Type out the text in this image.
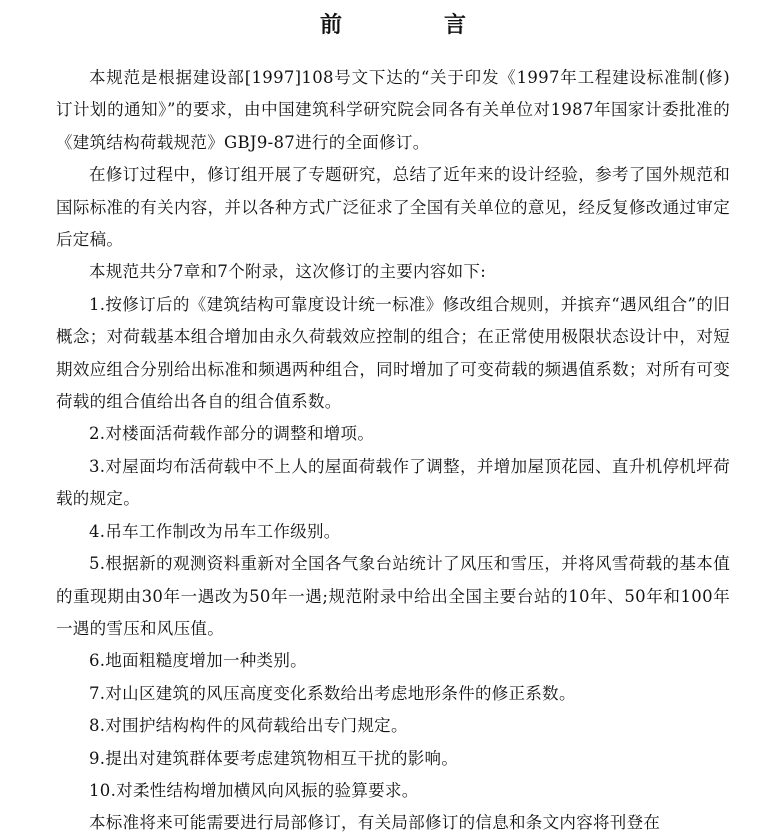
前　言

本规范是根据建设部[1997]108号文下达的“关于印发《1997年工程建设标准制(修)订计划的通知》”的要求，由中国建筑科学研究院会同各有关单位对1987年国家计委批准的《建筑结构荷载规范》GBJ9-87进行的全面修订。

在修订过程中，修订组开展了专题研究，总结了近年来的设计经验，参考了国外规范和国际标准的有关内容，并以各种方式广泛征求了全国有关单位的意见，经反复修改通过审定后定稿。

本规范共分7章和7个附录，这次修订的主要内容如下:

1.按修订后的《建筑结构可靠度设计统一标准》修改组合规则，并摈弃“遇风组合”的旧概念；对荷载基本组合增加由永久荷载效应控制的组合；在正常使用极限状态设计中，对短期效应组合分别给出标准和频遇两种组合，同时增加了可变荷载的频遇值系数；对所有可变荷载的组合值给出各自的组合值系数。

2.对楼面活荷载作部分的调整和增项。

3.对屋面均布活荷载中不上人的屋面荷载作了调整，并增加屋顶花园、直升机停机坪荷载的规定。

4.吊车工作制改为吊车工作级别。

5.根据新的观测资料重新对全国各气象台站统计了风压和雪压，并将风雪荷载的基本值的重现期由30年一遇改为50年一遇;规范附录中给出全国主要台站的10年、50年和100年一遇的雪压和风压值。

6.地面粗糙度增加一种类别。

7.对山区建筑的风压高度变化系数给出考虑地形条件的修正系数。

8.对围护结构构件的风荷载给出专门规定。

9.提出对建筑群体要考虑建筑物相互干扰的影响。

10.对柔性结构增加横风向风振的验算要求。

本标准将来可能需要进行局部修订，有关局部修订的信息和条文内容将刊登在
